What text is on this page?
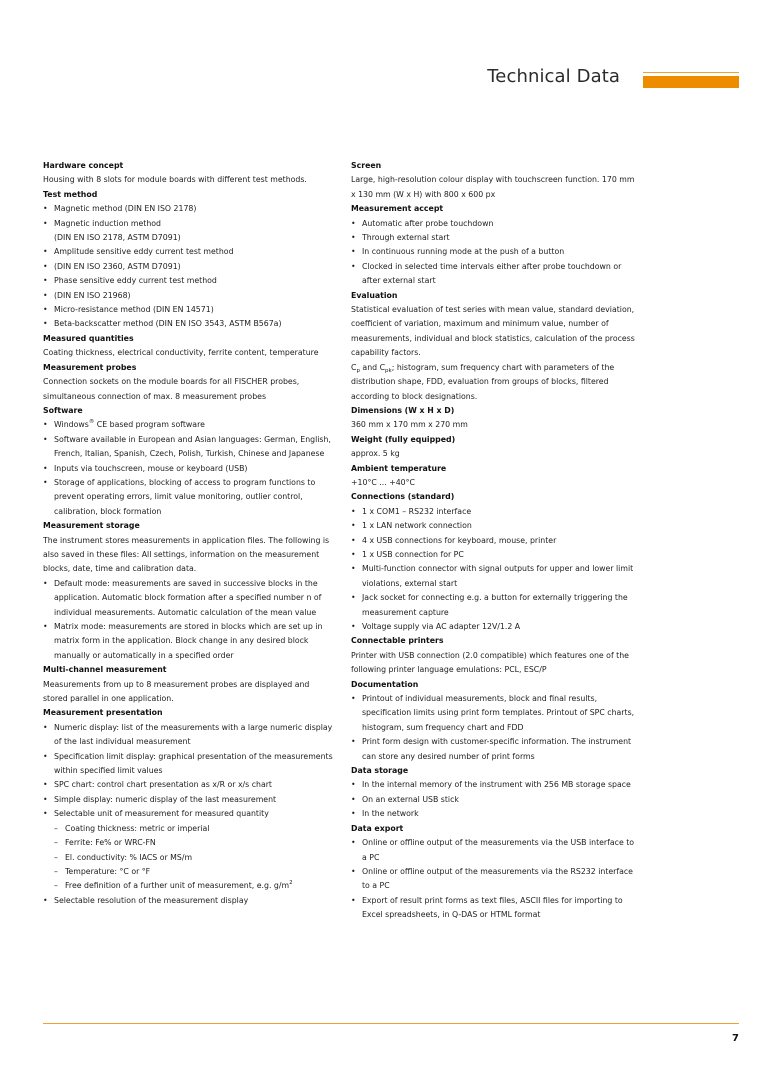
Technical Data
Hardware concept
Housing with 8 slots for module boards with different test methods.
Test method
• Magnetic method (DIN EN ISO 2178)
• Magnetic induction method
(DIN EN ISO 2178, ASTM D7091)
• Amplitude sensitive eddy current test method
• (DIN EN ISO 2360, ASTM D7091)
• Phase sensitive eddy current test method
• (DIN EN ISO 21968)
• Micro-resistance method (DIN EN 14571)
• Beta-backscatter method (DIN EN ISO 3543, ASTM B567a)
Measured quantities
Coating thickness, electrical conductivity, ferrite content, temperature
Measurement probes
Connection sockets on the module boards for all FISCHER probes, simultaneous connection of max. 8 measurement probes
Software
• Windows® CE based program software
• Software available in European and Asian languages: German, English, French, Italian, Spanish, Czech, Polish, Turkish, Chinese and Japanese
• Inputs via touchscreen, mouse or keyboard (USB)
• Storage of applications, blocking of access to program functions to prevent operating errors, limit value monitoring, outlier control, calibration, block formation
Measurement storage
The instrument stores measurements in application files. The following is also saved in these files: All settings, information on the measurement blocks, date, time and calibration data.
• Default mode: measurements are saved in successive blocks in the application. Automatic block formation after a specified number n of individual measurements. Automatic calculation of the mean value
• Matrix mode: measurements are stored in blocks which are set up in matrix form in the application. Block change in any desired block manually or automatically in a specified order
Multi-channel measurement
Measurements from up to 8 measurement probes are displayed and stored parallel in one application.
Measurement presentation
• Numeric display: list of the measurements with a large numeric display of the last individual measurement
• Specification limit display: graphical presentation of the measurements within specified limit values
• SPC chart: control chart presentation as x/R or x/s chart
• Simple display: numeric display of the last measurement
• Selectable unit of measurement for measured quantity
– Coating thickness: metric or imperial
– Ferrite: Fe% or WRC-FN
– El. conductivity: % IACS or MS/m
– Temperature: °C or °F
– Free definition of a further unit of measurement, e.g. $g/m^2$
• Selectable resolution of the measurement display
Screen
Large, high-resolution colour display with touchscreen function. 170 mm x 130 mm (W x H) with 800 x 600 px
Measurement accept
• Automatic after probe touchdown
• Through external start
• In continuous running mode at the push of a button
• Clocked in selected time intervals either after probe touchdown or after external start
Evaluation
Statistical evaluation of test series with mean value, standard deviation, coefficient of variation, maximum and minimum value, number of measurements, individual and block statistics, calculation of the process capability factors.
$C_p$ and $C_{pk}$; histogram, sum frequency chart with parameters of the distribution shape, FDD, evaluation from groups of blocks, filtered according to block designations.
Dimensions (W x H x D)
360 mm x 170 mm x 270 mm
Weight (fully equipped)
approx. 5 kg
Ambient temperature
+10°C ... +40°C
Connections (standard)
• 1 x COM1 – RS232 interface
• 1 x LAN network connection
• 4 x USB connections for keyboard, mouse, printer
• 1 x USB connection for PC
• Multi-function connector with signal outputs for upper and lower limit violations, external start
• Jack socket for connecting e.g. a button for externally triggering the measurement capture
• Voltage supply via AC adapter 12V/1.2 A
Connectable printers
Printer with USB connection (2.0 compatible) which features one of the following printer language emulations: PCL, ESC/P
Documentation
• Printout of individual measurements, block and final results, specification limits using print form templates. Printout of SPC charts, histogram, sum frequency chart and FDD
• Print form design with customer-specific information. The instrument can store any desired number of print forms
Data storage
• In the internal memory of the instrument with 256 MB storage space
• On an external USB stick
• In the network
Data export
• Online or offline output of the measurements via the USB interface to a PC
• Online or offline output of the measurements via the RS232 interface to a PC
• Export of result print forms as text files, ASCII files for importing to Excel spreadsheets, in Q-DAS or HTML format
7
